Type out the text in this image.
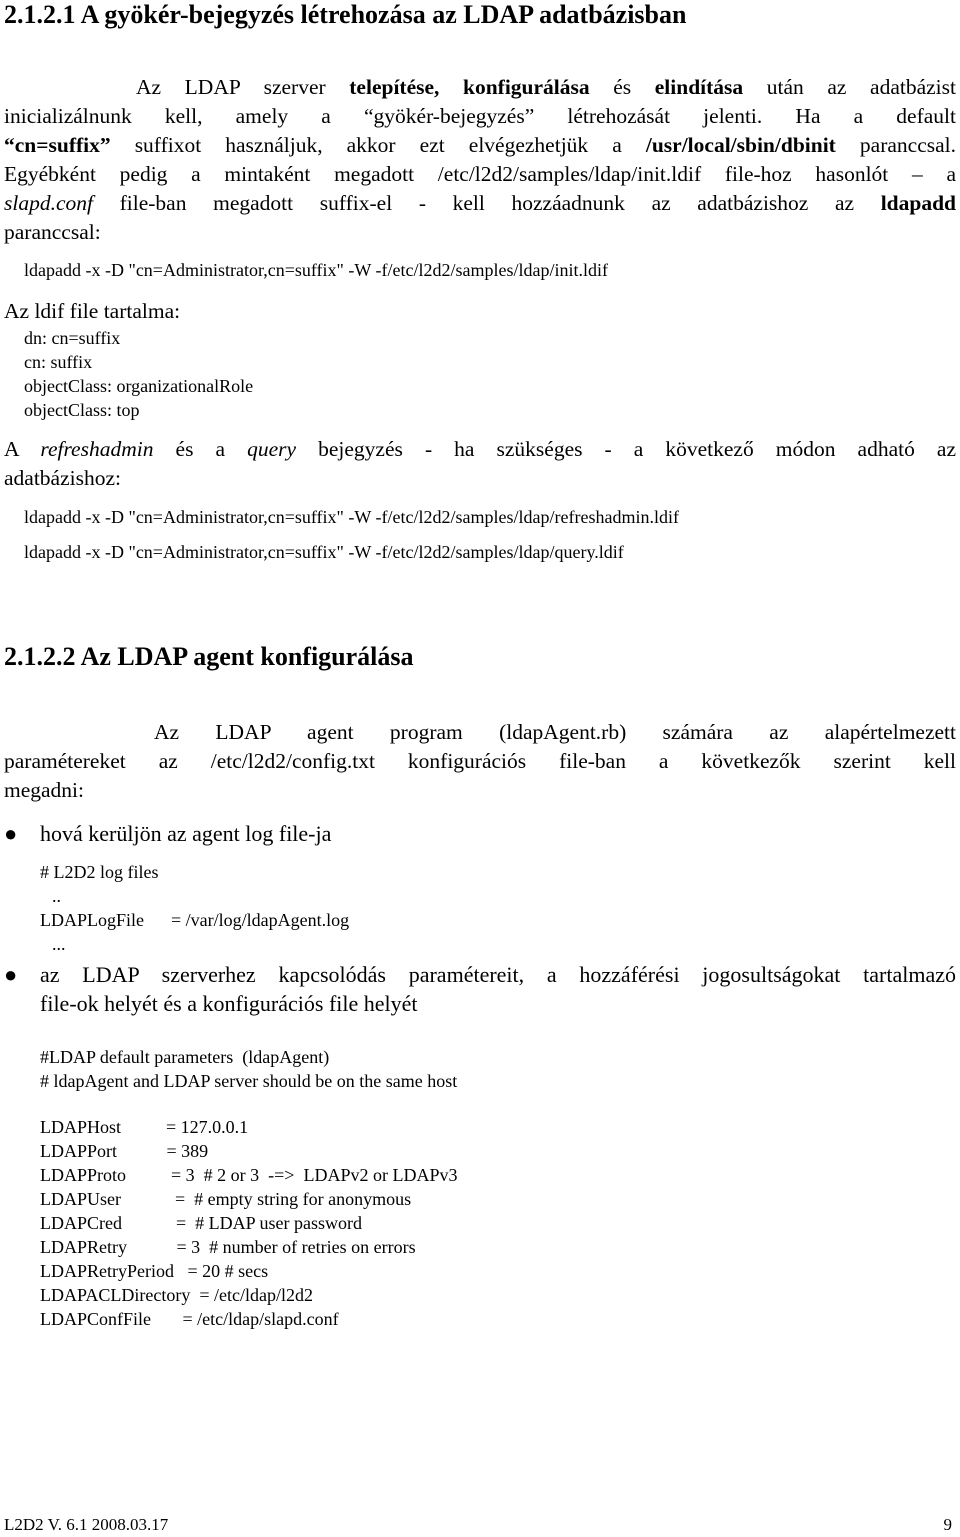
2.1.2.1 A gyökér-bejegyzés létrehozása az LDAP adatbázisban
Az LDAP szerver telepítése, konfigurálása és elindítása után az adatbázist
inicializálnunk kell, amely a “gyökér-bejegyzés” létrehozását jelenti. Ha a default
“cn=suffix” suffixot használjuk, akkor ezt elvégezhetjük a /usr/local/sbin/dbinit paranccsal.
Egyébként pedig a mintaként megadott /etc/l2d2/samples/ldap/init.ldif file-hoz hasonlót – a
slapd.conf file-ban megadott suffix-el - kell hozzáadnunk az adatbázishoz az ldapadd
paranccsal:
ldapadd -x -D "cn=Administrator,cn=suffix" -W -f/etc/l2d2/samples/ldap/init.ldif
Az ldif file tartalma:
dn: cn=suffix
cn: suffix
objectClass: organizationalRole
objectClass: top
A refreshadmin és a query bejegyzés - ha szükséges - a következő módon adható az
adatbázishoz:
ldapadd -x -D "cn=Administrator,cn=suffix" -W -f/etc/l2d2/samples/ldap/refreshadmin.ldif
ldapadd -x -D "cn=Administrator,cn=suffix" -W -f/etc/l2d2/samples/ldap/query.ldif
2.1.2.2 Az LDAP agent konfigurálása
Az LDAP agent program (ldapAgent.rb) számára az alapértelmezett
paramétereket az /etc/l2d2/config.txt konfigurációs file-ban a következők szerint kell
megadni:
● hová kerüljön az agent log file-ja
# L2D2 log files
..
LDAPLogFile      = /var/log/ldapAgent.log
...
● az LDAP szerverhez kapcsolódás paramétereit, a hozzáférési jogosultságokat tartalmazó
file-ok helyét és a konfigurációs file helyét
#LDAP default parameters  (ldapAgent)
# ldapAgent and LDAP server should be on the same host
LDAPHost          = 127.0.0.1
LDAPPort           = 389
LDAPProto          = 3  # 2 or 3  -=>  LDAPv2 or LDAPv3
LDAPUser            =  # empty string for anonymous
LDAPCred            =  # LDAP user password
LDAPRetry           = 3  # number of retries on errors
LDAPRetryPeriod   = 20 # secs
LDAPACLDirectory  = /etc/ldap/l2d2
LDAPConfFile       = /etc/ldap/slapd.conf
L2D2 V. 6.1 2008.03.17	9
